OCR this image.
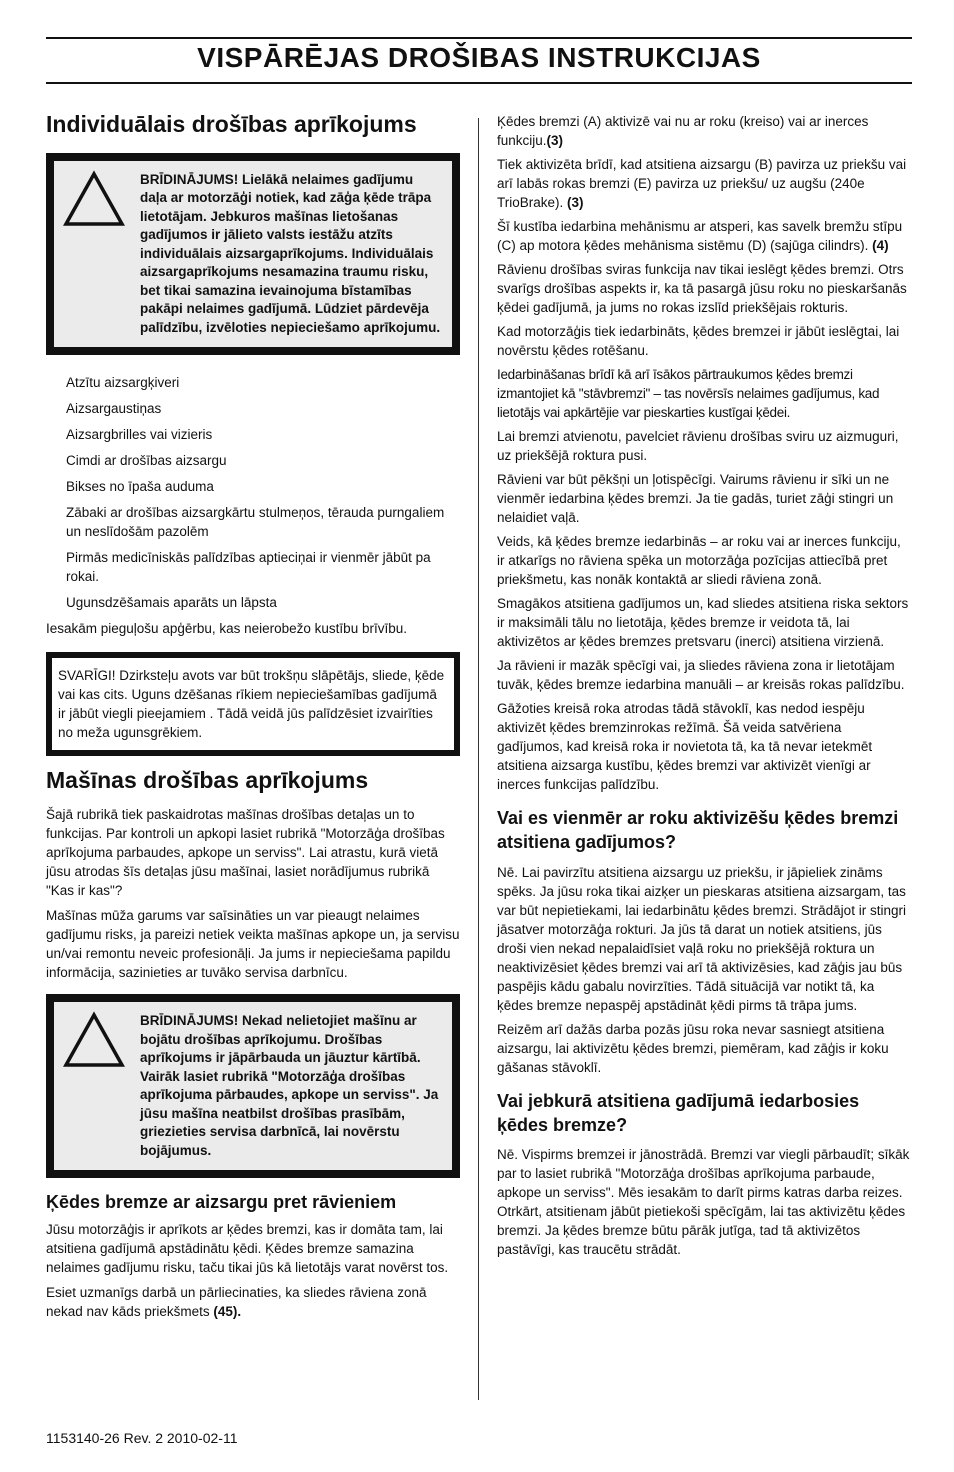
VISPĀRĒJAS DROŠIBAS INSTRUKCIJAS
Individuālais drošības aprīkojums
BRĪDINĀJUMS! Lielākā nelaimes gadījumu daļa ar motorzāģi notiek, kad zāģa ķēde trāpa lietotājam. Jebkuros mašīnas lietošanas gadījumos ir jālieto valsts iestāžu atzīts individuālais aizsargaprīkojums. Individuālais aizsargaprīkojums nesamazina traumu risku, bet tikai samazina ievainojuma bīstamības pakāpi nelaimes gadījumā. Lūdziet pārdevēja palīdzību, izvēloties nepieciešamo aprīkojumu.

Atzītu aizsargķiveri

Aizsargaustiņas

Aizsargbrilles vai vizieris

Cimdi ar drošības aizsargu

Bikses no īpaša auduma

Zābaki ar drošības aizsargkārtu stulmeņos, tērauda purngaliem un neslīdošām pazolēm

Pirmās medicīniskās palīdzības aptieciņai ir vienmēr jābūt pa rokai.

Ugunsdzēšamais aparāts un lāpsta

Iesakām pieguļošu apģērbu, kas neierobežo kustību brīvību.

SVARĪGI! Dzirksteļu avots var būt trokšņu slāpētājs, sliede, ķēde vai kas cits. Uguns dzēšanas rīkiem nepieciešamības gadījumā ir jābūt viegli pieejamiem . Tādā veidā jūs palīdzēsiet izvairīties no meža ugunsgrēkiem.
Mašīnas drošības aprīkojums

Šajā rubrikā tiek paskaidrotas mašīnas drošības detaļas un to funkcijas. Par kontroli un apkopi lasiet rubrikā "Motorzāģa drošības aprīkojuma parbaudes, apkope un serviss". Lai atrastu, kurā vietā jūsu atrodas šīs detaļas jūsu mašīnai, lasiet norādījumus rubrikā "Kas ir kas"?

Mašīnas mūža garums var saīsināties un var pieaugt nelaimes gadījumu risks, ja pareizi netiek veikta mašīnas apkope un, ja servisu un/vai remontu neveic profesionāļi. Ja jums ir nepieciešama papildu informācija, sazinieties ar tuvāko servisa darbnīcu.

BRĪDINĀJUMS! Nekad nelietojiet mašīnu ar bojātu drošības aprīkojumu. Drošības aprīkojums ir jāpārbauda un jāuztur kārtībā. Vairāk lasiet rubrikā "Motorzāģa drošības aprīkojuma pārbaudes, apkope un serviss". Ja jūsu mašīna neatbilst drošības prasībām, griezieties servisa darbnīcā, lai novērstu bojājumus.
Ķēdes bremze ar aizsargu pret rāvieniem

Jūsu motorzāģis ir aprīkots ar ķēdes bremzi, kas ir domāta tam, lai atsitiena gadījumā apstādinātu ķēdi. Ķēdes bremze samazina nelaimes gadījumu risku, taču tikai jūs kā lietotājs varat novērst tos.

Esiet uzmanīgs darbā un pārliecinaties, ka sliedes rāviena zonā nekad nav kāds priekšmets (45).

Ķēdes bremzi (A) aktivizē vai nu ar roku (kreiso) vai ar inerces funkciju.(3)

Tiek aktivizēta brīdī, kad atsitiena aizsargu (B) pavirza uz priekšu vai arī labās rokas bremzi (E) pavirza uz priekšu/ uz augšu (240e TrioBrake). (3)

Šī kustība iedarbina mehānismu ar atsperi, kas savelk bremžu stīpu (C) ap motora ķēdes mehānisma sistēmu (D) (sajūga cilindrs). (4)

Rāvienu drošības sviras funkcija nav tikai ieslēgt ķēdes bremzi. Otrs svarīgs drošības aspekts ir, ka tā pasargā jūsu roku no pieskaršanās ķēdei gadījumā, ja jums no rokas izslīd priekšējais rokturis.

Kad motorzāģis tiek iedarbināts, ķēdes bremzei ir jābūt ieslēgtai, lai novērstu ķēdes rotēšanu.

Iedarbināšanas brīdī kā arī īsākos pārtraukumos ķēdes bremzi izmantojiet kā "stāvbremzi" – tas novērsīs nelaimes gadījumus, kad lietotājs vai apkārtējie var pieskarties kustīgai ķēdei.

Lai bremzi atvienotu, pavelciet rāvienu drošības sviru uz aizmuguri, uz priekšējā roktura pusi.

Rāvieni var būt pēkšņi un ļotispēcīgi. Vairums rāvienu ir sīki un ne vienmēr iedarbina ķēdes bremzi. Ja tie gadās, turiet zāģi stingri un nelaidiet vaļā.

Veids, kā ķēdes bremze iedarbinās – ar roku vai ar inerces funkciju, ir atkarīgs no rāviena spēka un motorzāģa pozīcijas attiecībā pret priekšmetu, kas nonāk kontaktā ar sliedi rāviena zonā.

Smagākos atsitiena gadījumos un, kad sliedes atsitiena riska sektors ir maksimāli tālu no lietotāja, ķēdes bremze ir veidota tā, lai aktivizētos ar ķēdes bremzes pretsvaru (inerci) atsitiena virzienā.

Ja rāvieni ir mazāk spēcīgi vai, ja sliedes rāviena zona ir lietotājam tuvāk, ķēdes bremze iedarbina manuāli – ar kreisās rokas palīdzību.

Gāžoties kreisā roka atrodas tādā stāvoklī, kas nedod iespēju aktivizēt ķēdes bremzinrokas režīmā. Šā veida satvēriena gadījumos, kad kreisā roka ir novietota tā, ka tā nevar ietekmēt atsitiena aizsarga kustību, ķēdes bremzi var aktivizēt vienīgi ar inerces funkcijas palīdzību.

Vai es vienmēr ar roku aktivizēšu ķēdes bremzi atsitiena gadījumos?

Nē. Lai pavirzītu atsitiena aizsargu uz priekšu, ir jāpieliek zināms spēks. Ja jūsu roka tikai aizķer un pieskaras atsitiena aizsargam, tas var būt nepietiekami, lai iedarbinātu ķēdes bremzi. Strādājot ir stingri jāsatver motorzāģa rokturi. Ja jūs tā darat un notiek atsitiens, jūs droši vien nekad nepalaidīsiet vaļā roku no priekšējā roktura un neaktivizēsiet ķēdes bremzi vai arī tā aktivizēsies, kad zāģis jau būs paspējis kādu gabalu novirzīties. Tādā situācijā var notikt tā, ka ķēdes bremze nepaspēj apstādināt ķēdi pirms tā trāpa jums.

Reizēm arī dažās darba pozās jūsu roka nevar sasniegt atsitiena aizsargu, lai aktivizētu ķēdes bremzi, piemēram, kad zāģis ir koku gāšanas stāvoklī.

Vai jebkurā atsitiena gadījumā iedarbosies ķēdes bremze?

Nē. Vispirms bremzei ir jānostrādā. Bremzi var viegli pārbaudīt; sīkāk par to lasiet rubrikā "Motorzāģa drošības aprīkojuma parbaude, apkope un serviss". Mēs iesakām to darīt pirms katras darba reizes. Otrkārt, atsitienam jābūt pietiekoši spēcīgām, lai tas aktivizētu ķēdes bremzi. Ja ķēdes bremze būtu pārāk jutīga, tad tā aktivizētos pastāvīgi, kas traucētu strādāt.

1153140-26 Rev. 2 2010-02-11
